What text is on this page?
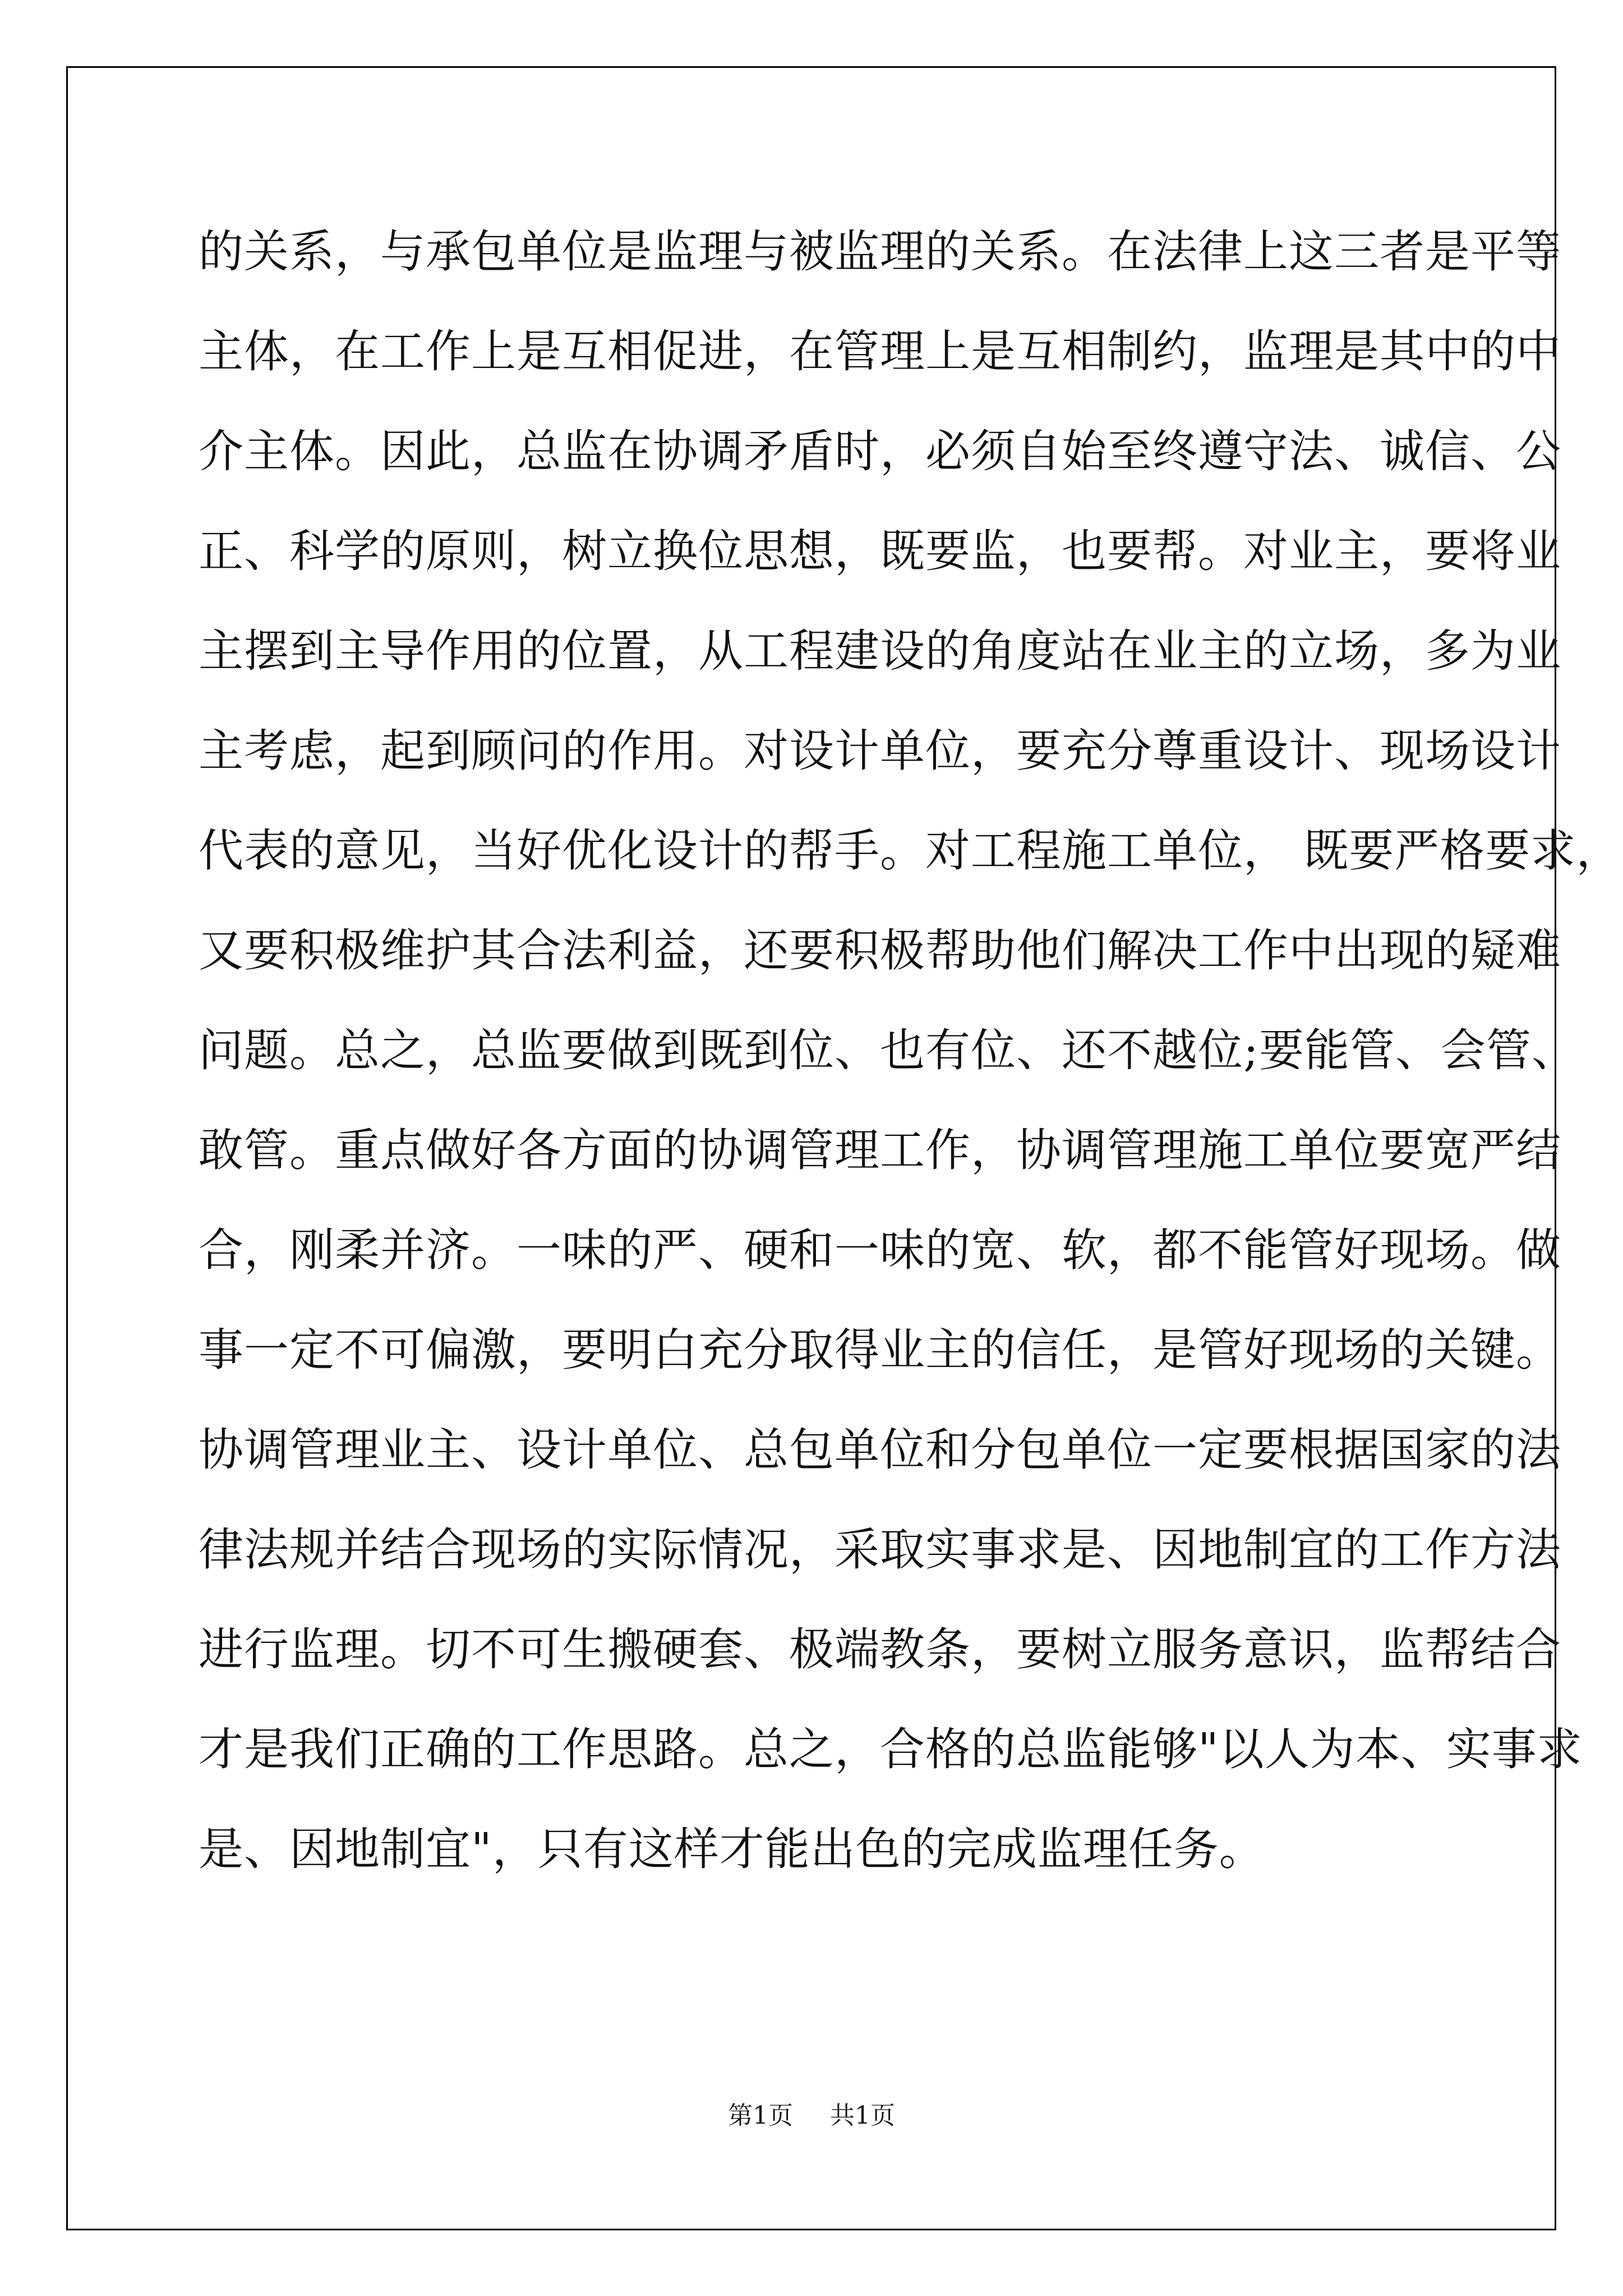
的关系，与承包单位是监理与被监理的关系。在法律上这三者是平等
主体，在工作上是互相促进，在管理上是互相制约，监理是其中的中
介主体。因此，总监在协调矛盾时，必须自始至终遵守法、诚信、公
正、科学的原则，树立换位思想，既要监，也要帮。对业主，要将业
主摆到主导作用的位置，从工程建设的角度站在业主的立场，多为业
主考虑，起到顾问的作用。对设计单位，要充分尊重设计、现场设计
代表的意见，当好优化设计的帮手。对工程施工单位， 既要严格要求，
又要积极维护其合法利益，还要积极帮助他们解决工作中出现的疑难
问题。总之，总监要做到既到位、也有位、还不越位;要能管、会管、
敢管。重点做好各方面的协调管理工作，协调管理施工单位要宽严结
合，刚柔并济。一味的严、硬和一味的宽、软，都不能管好现场。做
事一定不可偏激，要明白充分取得业主的信任，是管好现场的关键。
协调管理业主、设计单位、总包单位和分包单位一定要根据国家的法
律法规并结合现场的实际情况，采取实事求是、因地制宜的工作方法
进行监理。切不可生搬硬套、极端教条，要树立服务意识，监帮结合
才是我们正确的工作思路。总之，合格的总监能够"以人为本、实事求
是、因地制宜"，只有这样才能出色的完成监理任务。
第1页 共1页
